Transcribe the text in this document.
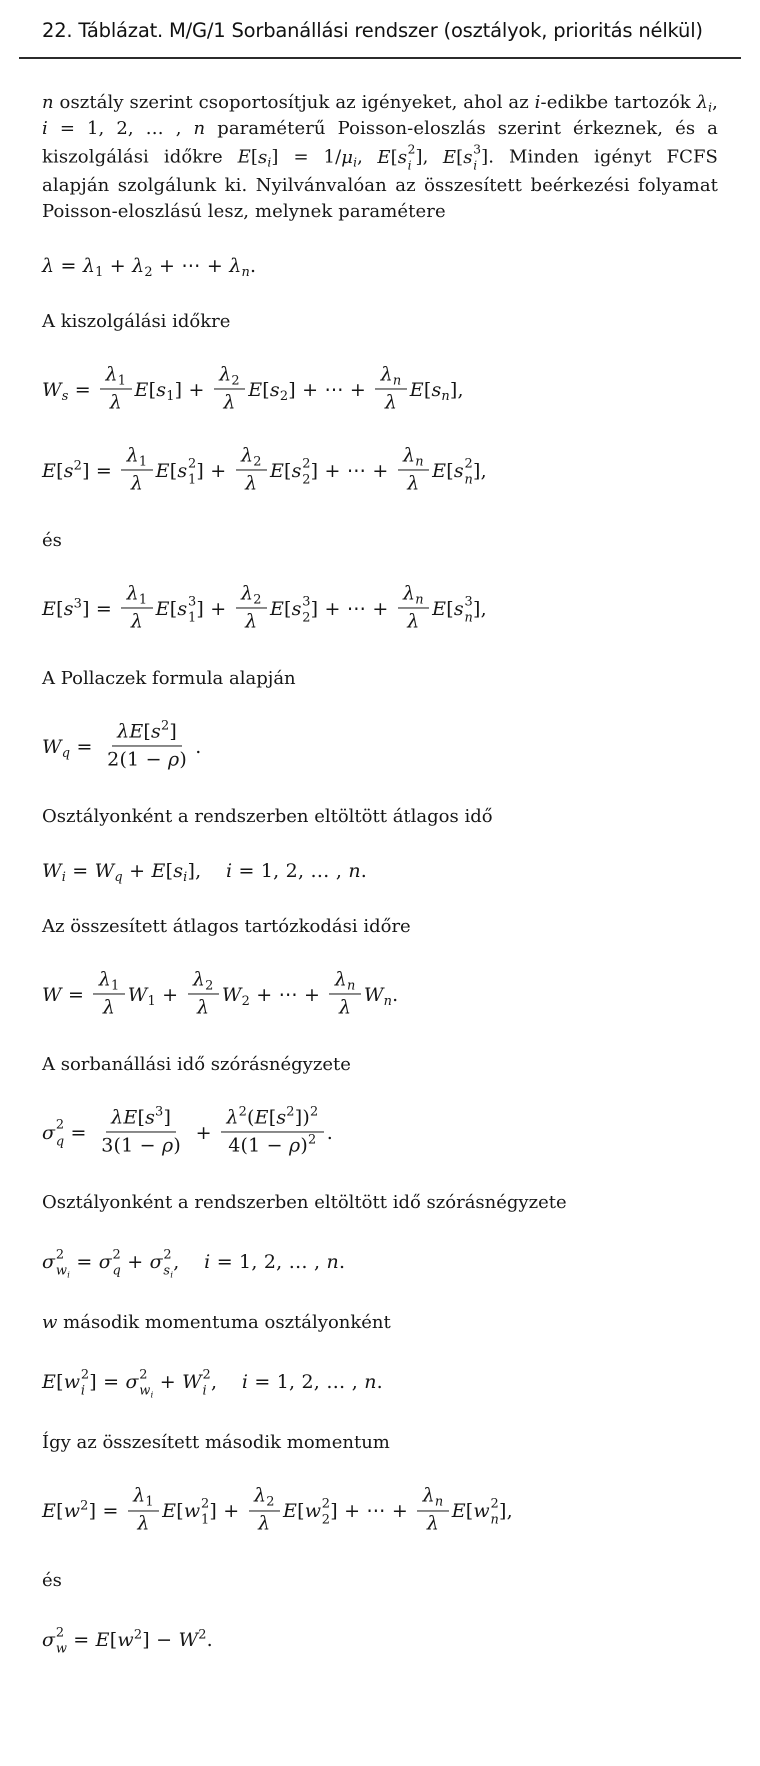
22. Táblázat. M/G/1 Sorbanállási rendszer (osztályok, prioritás nélkül)
n osztály szerint csoportosítjuk az igényeket, ahol az i-edikbe tartozók $\lambda_i$, i = 1, 2, … , n paraméterű Poisson-eloszlás szerint érkeznek, és a kiszolgálási időkre $E[s_i] = 1/\mu_i$, E[s 2
i ], E[s 3
i ]. Minden igényt FCFS alapján szolgálunk ki. Nyilvánvalóan az összesített beérkezési folyamat Poisson-eloszlású lesz, melynek paramétere
$\lambda = \lambda_1 + \lambda_2$ + ⋯ + $\lambda_n$.
A kiszolgálási időkre
$W_s = \frac{\lambda_1}{\lambda} E[s_1] + \frac{\lambda_2}{\lambda} E[s_2]$ + ⋯ + $\frac{\lambda_n}{\lambda} E[s_n]$,
$E[s^2] = \frac{\lambda_1}{\lambda} E[s$ 2
1 ] + $\frac{\lambda_2}{\lambda} E[s$ 2
2 ] + ⋯ + $\frac{\lambda_n}{\lambda} E[s$ 2
n ],
és
$E[s^3] = \frac{\lambda_1}{\lambda} E[s$ 3
1 ] + $\frac{\lambda_2}{\lambda} E[s$ 3
2 ] + ⋯ + $\frac{\lambda_n}{\lambda} E[s$ 3
n ],
A Pollaczek formula alapján
$W_q = \frac{\lambda E[s^2]}{2(1 - \rho)}$ .
Osztályonként a rendszerben eltöltött átlagos idő
$W_i = W_q + E[s_i]$, i = 1, 2, … , n.
Az összesített átlagos tartózkodási időre
$W = \frac{\lambda_1}{\lambda} W_1 + \frac{\lambda_2}{\lambda} W_2$ + ⋯ + $\frac{\lambda_n}{\lambda} W_n$.
A sorbanállási idő szórásnégyzete
σ 2
$q = \frac{\lambda E[s^3]}{3(1 - \rho)} + \frac{\lambda^2(E[s^2])^2}{4(1 - \rho)^2}$ .
Osztályonként a rendszerben eltöltött idő szórásnégyzete
σ 2
$w_i$
= σ 2
q + σ 2
$s_i$
, i = 1, 2, … , n.
w második momentuma osztályonként
E[w 2
i ] = σ 2
$w_i$
+ W 2
i , i = 1, 2, … , n.
Így az összesített második momentum
$E[w^2] = \frac{\lambda_1}{\lambda} E[w$ 2
1 ] + $\frac{\lambda_2}{\lambda} E[w$ 2
2 ] + ⋯ + $\frac{\lambda_n}{\lambda} E[w$ 2
n ],
és
σ 2
$w = E[w^2] - W^2$.
